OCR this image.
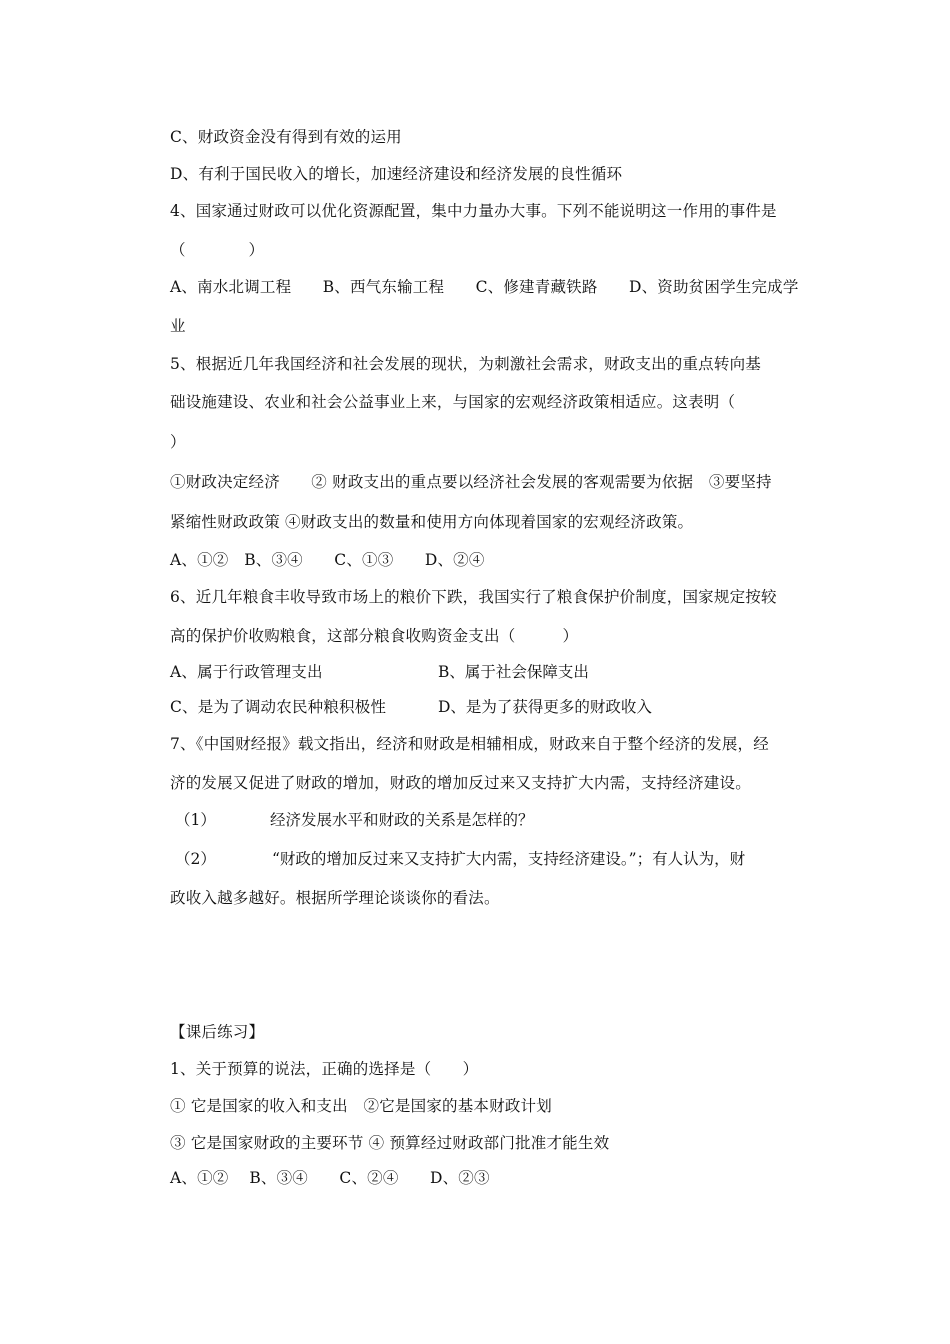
C、财政资金没有得到有效的运用
D、有利于国民收入的增长，加速经济建设和经济发展的良性循环
4、国家通过财政可以优化资源配置，集中力量办大事。下列不能说明这一作用的事件是
（　　　　）
A、南水北调工程　　B、西气东输工程　　C、修建青藏铁路　　D、资助贫困学生完成学
业
5、根据近几年我国经济和社会发展的现状，为刺激社会需求，财政支出的重点转向基
础设施建设、农业和社会公益事业上来，与国家的宏观经济政策相适应。这表明（
）
①财政决定经济　　② 财政支出的重点要以经济社会发展的客观需要为依据　③要坚持
紧缩性财政政策 ④财政支出的数量和使用方向体现着国家的宏观经济政策。
A、①②　B、③④　　C、①③　　D、②④
6、近几年粮食丰收导致市场上的粮价下跌，我国实行了粮食保护价制度，国家规定按较
高的保护价收购粮食，这部分粮食收购资金支出（　　　）
A、属于行政管理支出	B、属于社会保障支出
C、是为了调动农民种粮积极性	D、是为了获得更多的财政收入
7、《中国财经报》载文指出，经济和财政是相辅相成，财政来自于整个经济的发展，经
济的发展又促进了财政的增加，财政的增加反过来又支持扩大内需，支持经济建设。
（1）	经济发展水平和财政的关系是怎样的？
（2）	“财政的增加反过来又支持扩大内需，支持经济建设。”；有人认为，财
政收入越多越好。根据所学理论谈谈你的看法。
【课后练习】
1、关于预算的说法，正确的选择是（　　）
① 它是国家的收入和支出　②它是国家的基本财政计划
③ 它是国家财政的主要环节 ④ 预算经过财政部门批准才能生效
A、①②　 B、③④　　C、②④　　D、②③
